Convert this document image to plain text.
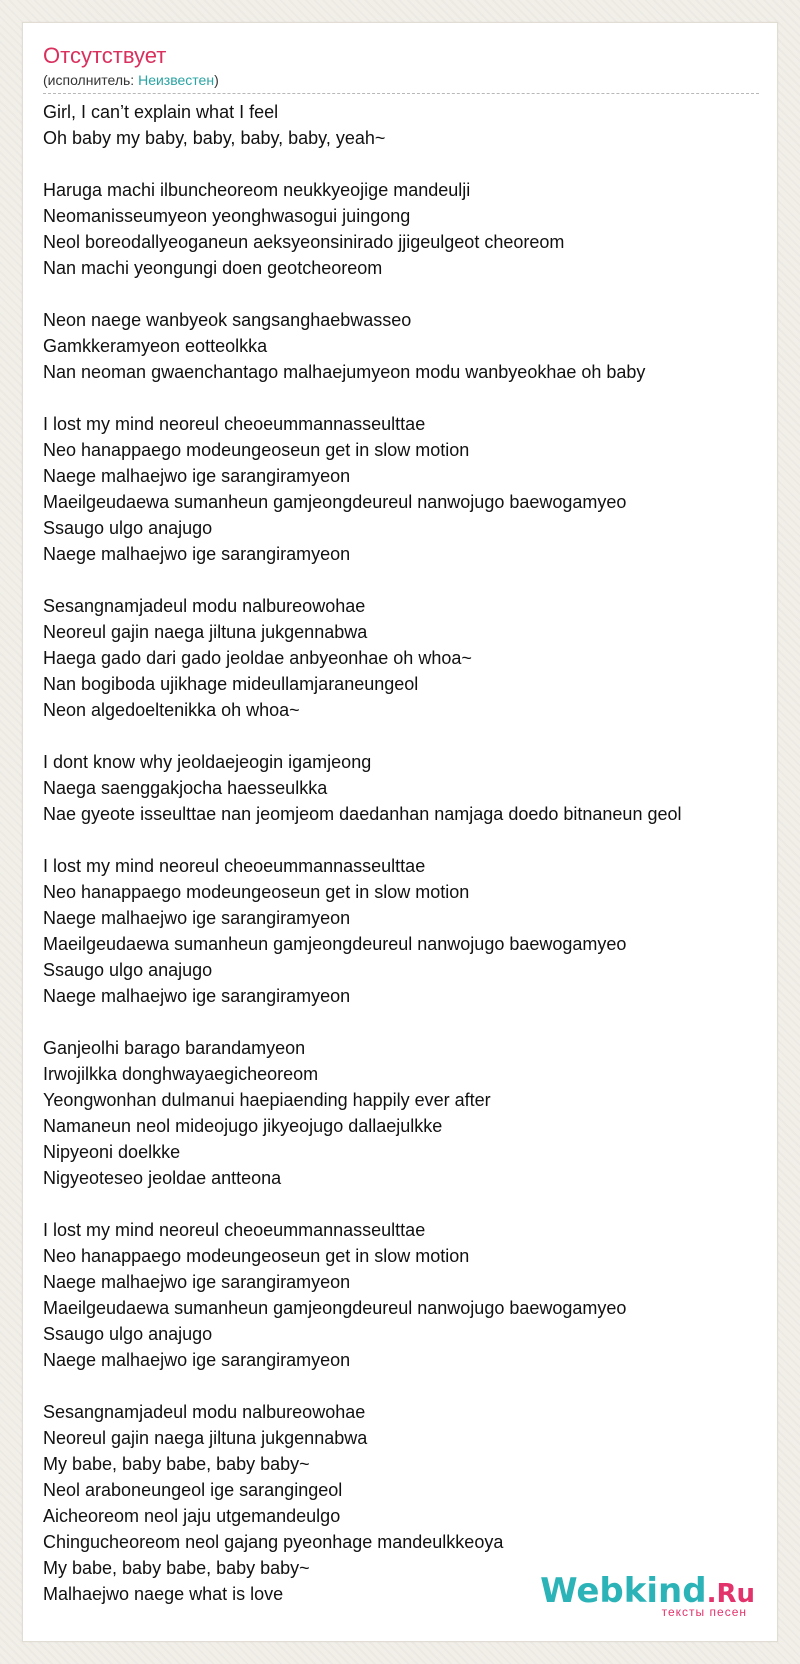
Отсутствует
(исполнитель: Неизвестен)
Girl, I can’t explain what I feel
Oh baby my baby, baby, baby, baby, yeah~
Haruga machi ilbuncheoreom neukkyeojige mandeulji
Neomanisseumyeon yeonghwasogui juingong
Neol boreodallyeoganeun aeksyeonsinirado jjigeulgeot cheoreom
Nan machi yeongungi doen geotcheoreom
Neon naege wanbyeok sangsanghaebwasseo
Gamkkeramyeon eotteolkka
Nan neoman gwaenchantago malhaejumyeon modu wanbyeokhae oh baby
I lost my mind neoreul cheoeummannasseulttae
Neo hanappaego modeungeoseun get in slow motion
Naege malhaejwo ige sarangiramyeon
Maeilgeudaewa sumanheun gamjeongdeureul nanwojugo baewogamyeo
Ssaugo ulgo anajugo
Naege malhaejwo ige sarangiramyeon
Sesangnamjadeul modu nalbureowohae
Neoreul gajin naega jiltuna jukgennabwa
Haega gado dari gado jeoldae anbyeonhae oh whoa~
Nan bogiboda ujikhage mideullamjaraneungeol
Neon algedoeltenikka oh whoa~
I dont know why jeoldaejeogin igamjeong
Naega saenggakjocha haesseulkka
Nae gyeote isseulttae nan jeomjeom daedanhan namjaga doedo bitnaneun geol
I lost my mind neoreul cheoeummannasseulttae
Neo hanappaego modeungeoseun get in slow motion
Naege malhaejwo ige sarangiramyeon
Maeilgeudaewa sumanheun gamjeongdeureul nanwojugo baewogamyeo
Ssaugo ulgo anajugo
Naege malhaejwo ige sarangiramyeon
Ganjeolhi barago barandamyeon
Irwojilkka donghwayaegicheoreom
Yeongwonhan dulmanui haepiaending happily ever after
Namaneun neol mideojugo jikyeojugo dallaejulkke
Nipyeoni doelkke
Nigyeoteseo jeoldae antteona
I lost my mind neoreul cheoeummannasseulttae
Neo hanappaego modeungeoseun get in slow motion
Naege malhaejwo ige sarangiramyeon
Maeilgeudaewa sumanheun gamjeongdeureul nanwojugo baewogamyeo
Ssaugo ulgo anajugo
Naege malhaejwo ige sarangiramyeon
Sesangnamjadeul modu nalbureowohae
Neoreul gajin naega jiltuna jukgennabwa
My babe, baby babe, baby baby~
Neol araboneungeol ige sarangingeol
Aicheoreom neol jaju utgemandeulgo
Chingucheoreom neol gajang pyeonhage mandeulkkeoya
My babe, baby babe, baby baby~
Malhaejwo naege what is love	Webkind.Ru
тексты песен
